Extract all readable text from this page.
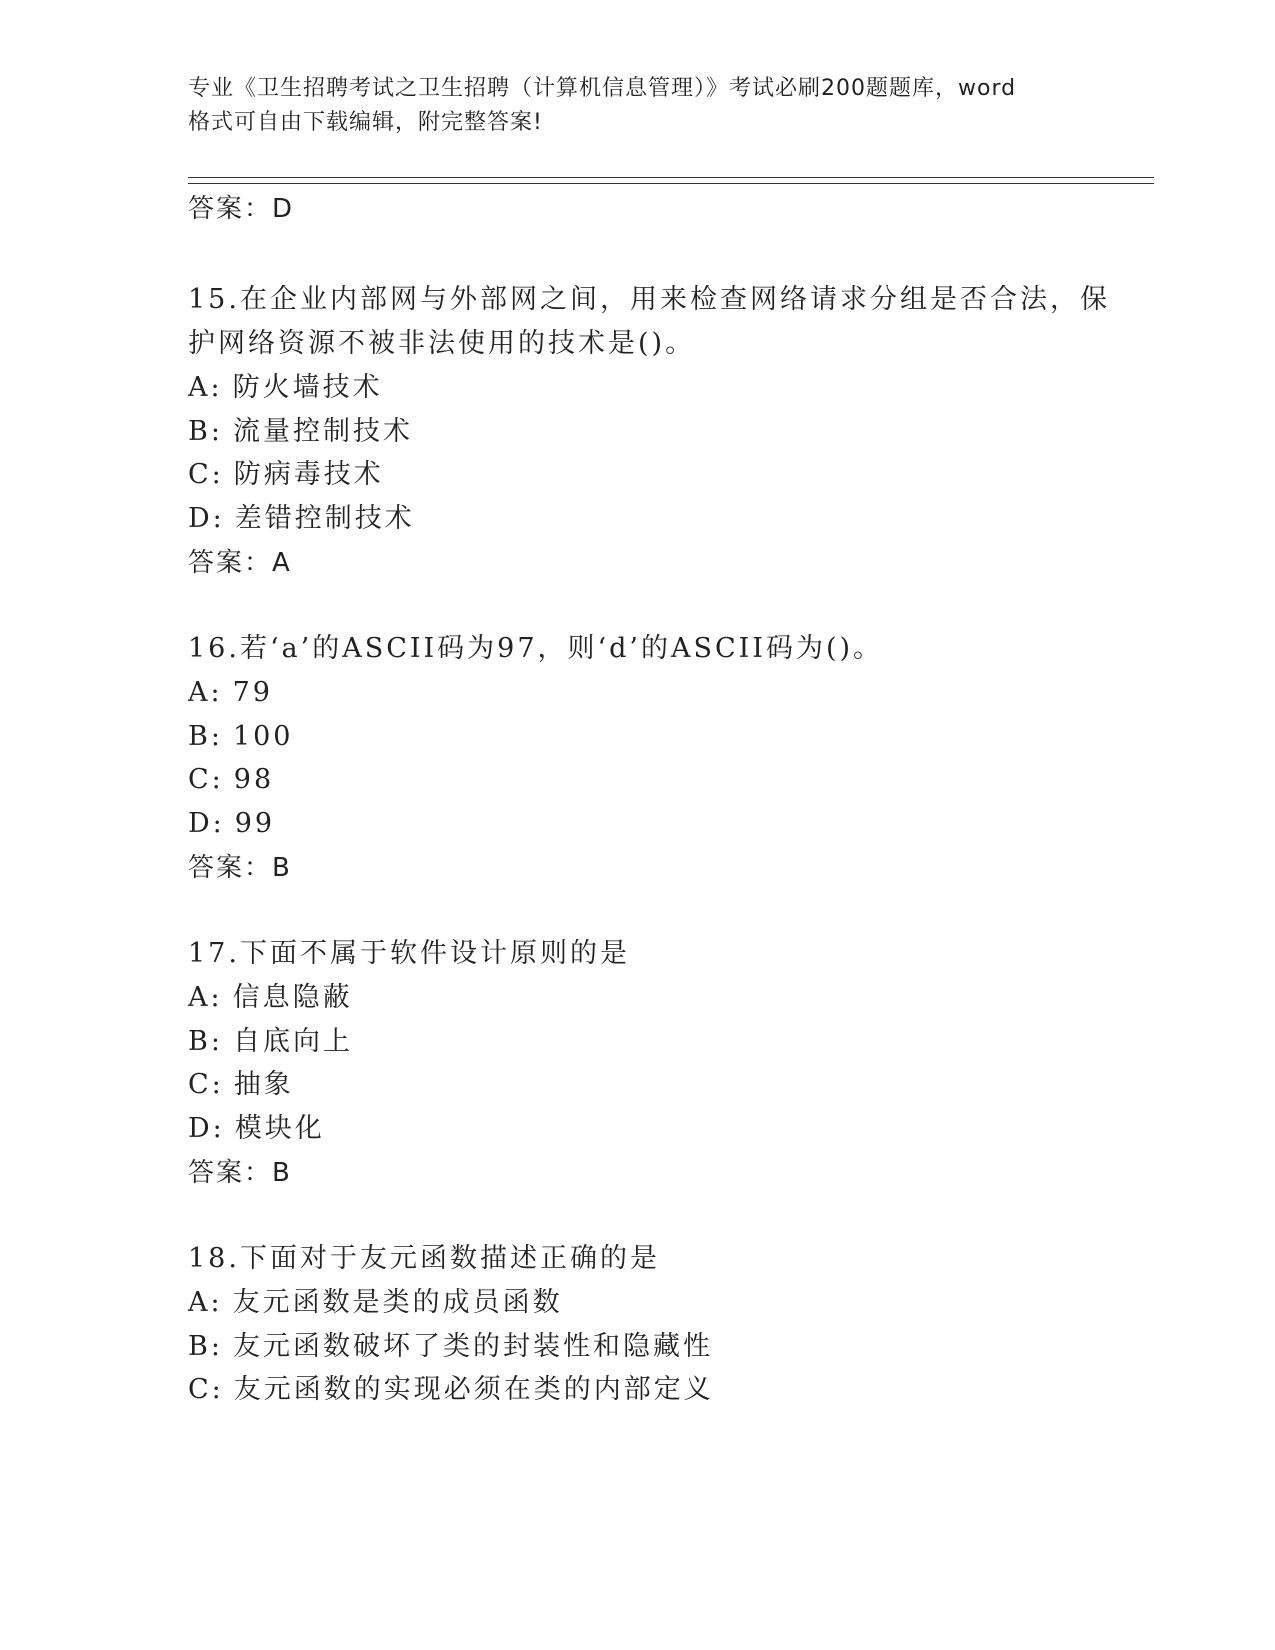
专业《卫生招聘考试之卫生招聘（计算机信息管理）》考试必刷200题题库，word
格式可自由下载编辑，附完整答案!
答案：D
15.在企业内部网与外部网之间，用来检查网络请求分组是否合法，保
护网络资源不被非法使用的技术是()。
A: 防火墙技术
B: 流量控制技术
C: 防病毒技术
D: 差错控制技术
答案：A
16.若‘a’的ASCII码为97，则‘d’的ASCII码为()。
A: 79
B: 100
C: 98
D: 99
答案：B
17.下面不属于软件设计原则的是
A: 信息隐蔽
B: 自底向上
C: 抽象
D: 模块化
答案：B
18.下面对于友元函数描述正确的是
A: 友元函数是类的成员函数
B: 友元函数破坏了类的封装性和隐藏性
C: 友元函数的实现必须在类的内部定义
